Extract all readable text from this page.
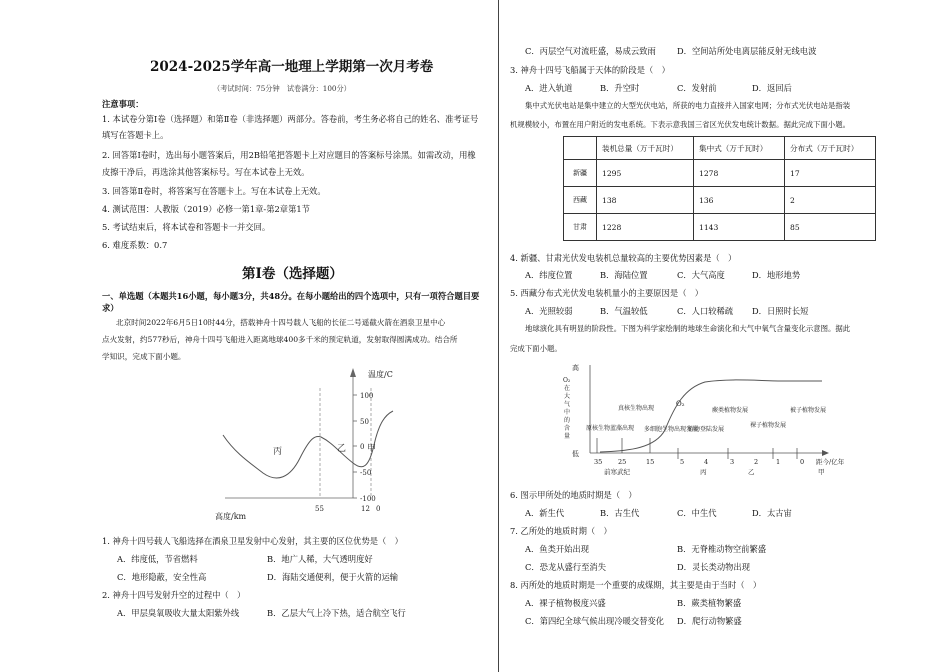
2024-2025学年高一地理上学期第一次月考卷
（考试时间：75分钟　试卷满分：100分）
注意事项：
1. 本试卷分第Ⅰ卷（选择题）和第Ⅱ卷（非选择题）两部分。答卷前，考生务必将自己的姓名、准考证号
填写在答题卡上。
2. 回答第Ⅰ卷时，选出每小题答案后，用2B铅笔把答题卡上对应题目的答案标号涂黑。如需改动，用橡
皮擦干净后，再选涂其他答案标号。写在本试卷上无效。
3. 回答第Ⅱ卷时，将答案写在答题卡上。写在本试卷上无效。
4. 测试范围：人教版（2019）必修一第1章-第2章第1节
5. 考试结束后，将本试卷和答题卡一并交回。
6. 难度系数：0.7
第Ⅰ卷（选择题）
一、单选题（本题共16小题，每小题3分，共48分。在每小题给出的四个选项中，只有一项符合题目要
求）
北京时间2022年6月5日10时44分，搭载神舟十四号载人飞船的长征二号遥截火箭在酒泉卫星中心
点火发射，约577秒后，神舟十四号飞船进入距离地球400多千米的预定轨道，发射取得圆满成功。结合所
学知识，完成下面小题。
温度/C
100
50
0
-50
-100
55	12 0
高度/km
丙	乙 甲
1. 神舟十四号载人飞船选择在酒泉卫星发射中心发射，其主要的区位优势是（　）
A．纬度低，节省燃料	B．地广人稀，大气透明度好
C．地形隐蔽，安全性高	D．海陆交通便利，便于火箭的运输
2. 神舟十四号发射升空的过程中（　）
A．甲层臭氧吸收大量太阳紫外线	B．乙层大气上冷下热，适合航空飞行
C．丙层空气对流旺盛，易成云致雨	D．空间站所处电离层能反射无线电波
3. 神舟十四号飞船属于天体的阶段是（　）
A．进入轨道	B．升空时	C．发射前	D．返回后
集中式光伏电站是集中建立的大型光伏电站，所获的电力直接并入国家电网；分布式光伏电站是指装
机规模较小，布置在用户附近的发电系统。下表示意我国三省区光伏发电统计数据。据此完成下面小题。
	装机总量（万千瓦时）	集中式（万千瓦时）	分布式（万千瓦时）
新疆	1295	1278	17
西藏	138	136	2
甘肃	1228	1143	85
4. 新疆、甘肃光伏发电装机总量较高的主要优势因素是（　）
A．纬度位置	B．海陆位置	C．大气高度	D．地形地势
5. 西藏分布式光伏发电装机量小的主要原因是（　）
A．光照较弱	B．气温较低	C．人口较稀疏 D．日照时长短
地球演化具有明显的阶段性。下图为科学家绘制的地球生命演化和大气中氧气含量变化示意图。据此
完成下面小题。
高
低
O₂
在
大
气
中
的
含
量
O₂
原核生物蓝藻出现
真核生物出现
多细胞生物出现发展
植物登陆发展
蕨类植物发展
裸子植物发展
被子植物发展
35 25	15	5	4	3	2	1	0 距今/亿年
前寒武纪	丙	乙	甲
6. 图示甲所处的地质时期是（　）
A．新生代	B．古生代	C．中生代	D．太古宙
7. 乙所处的地质时期（　）
A．鱼类开始出现	B．无脊椎动物空前繁盛
C．恐龙从盛行至消失	D．灵长类动物出现
8. 丙所处的地质时期是一个重要的成煤期，其主要是由于当时（　）
A．裸子植物极度兴盛	B．蕨类植物繁盛
C．第四纪全球气候出现冷暖交替变化 D．爬行动物繁盛
